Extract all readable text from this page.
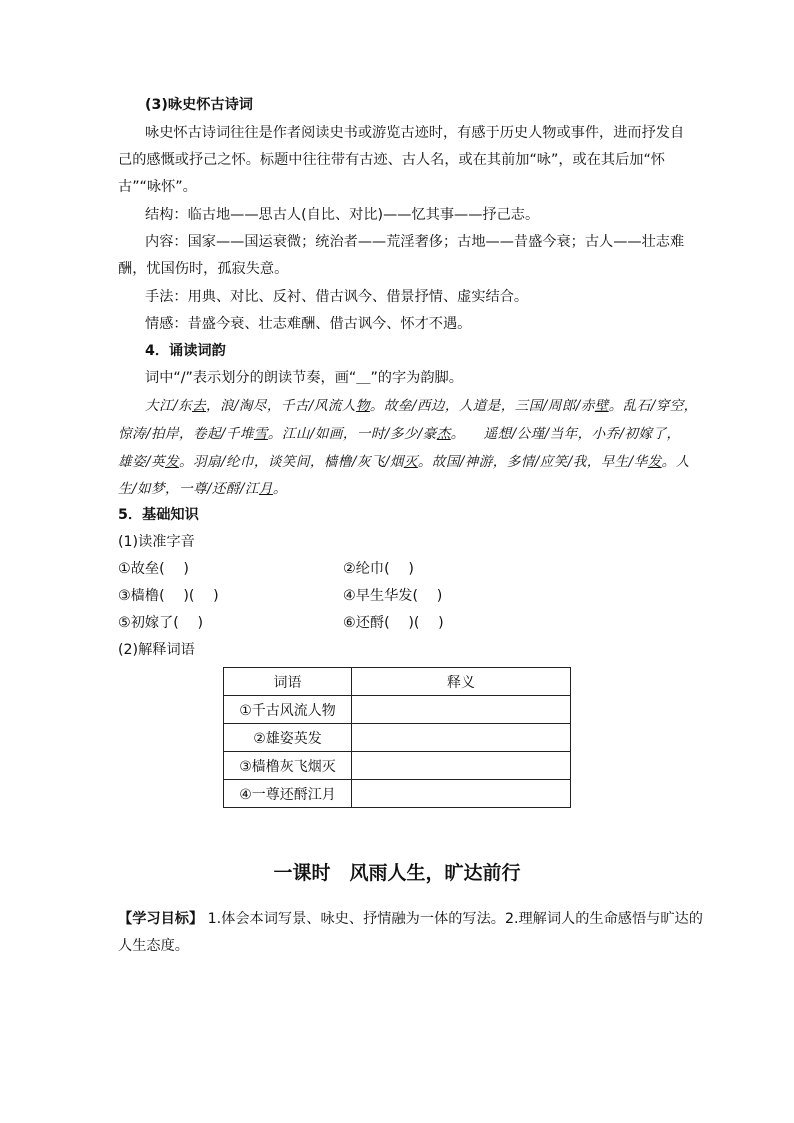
(3)咏史怀古诗词
咏史怀古诗词往往是作者阅读史书或游览古迹时，有感于历史人物或事件，进而抒发自
己的感慨或抒己之怀。标题中往往带有古迹、古人名，或在其前加“咏”，或在其后加“怀
古”“咏怀”。
结构：临古地——思古人(自比、对比)——忆其事——抒己志。
内容：国家——国运衰微；统治者——荒淫奢侈；古地——昔盛今衰；古人——壮志难
酬，忧国伤时，孤寂失意。
手法：用典、对比、反衬、借古讽今、借景抒情、虚实结合。
情感：昔盛今衰、壮志难酬、借古讽今、怀才不遇。
4．诵读词韵
词中“/”表示划分的朗读节奏，画“＿”的字为韵脚。
大江/东去，浪/淘尽，千古/风流人物。故垒/西边，人道是，三国/周郎/赤壁。乱石/穿空，
惊涛/拍岸，卷起/千堆雪。江山/如画，一时/多少/豪杰。    遥想/公瑾/当年，小乔/初嫁了，
雄姿/英发。羽扇/纶巾，谈笑间，樯橹/灰飞/烟灭。故国/神游，多情/应笑/我，早生/华发。人
生/如梦，一尊/还酹/江月。
5．基础知识
(1)读准字音
①故垒(　 )	②纶巾(　 )
③樯橹(　 )(　 )	④早生华发(　 )
⑤初嫁了(　 )	⑥还酹(　 )(　 )
(2)解释词语
词语	释义
①千古风流人物	
②雄姿英发	
③樯橹灰飞烟灭	
④一尊还酹江月	
一课时　风雨人生，旷达前行
【学习目标】 1.体会本词写景、咏史、抒情融为一体的写法。2.理解词人的生命感悟与旷达的
人生态度。
